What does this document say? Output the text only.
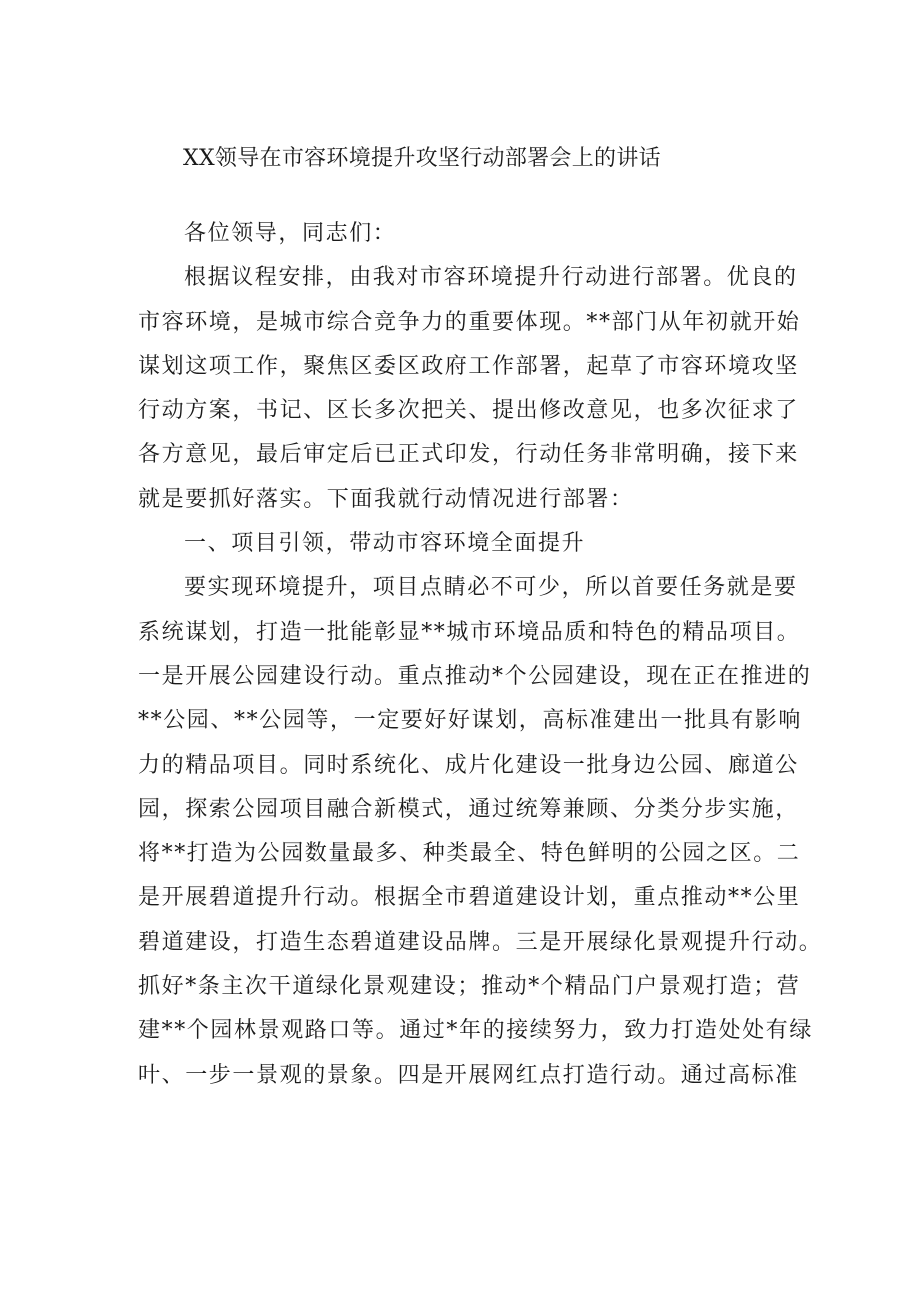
XX领导在市容环境提升攻坚行动部署会上的讲话
各位领导，同志们：
根据议程安排，由我对市容环境提升行动进行部署。优良的
市容环境，是城市综合竞争力的重要体现。**部门从年初就开始
谋划这项工作，聚焦区委区政府工作部署，起草了市容环境攻坚
行动方案，书记、区长多次把关、提出修改意见，也多次征求了
各方意见，最后审定后已正式印发，行动任务非常明确，接下来
就是要抓好落实。下面我就行动情况进行部署：
一、项目引领，带动市容环境全面提升
要实现环境提升，项目点睛必不可少，所以首要任务就是要
系统谋划，打造一批能彰显**城市环境品质和特色的精品项目。
一是开展公园建设行动。重点推动*个公园建设，现在正在推进的
**公园、**公园等，一定要好好谋划，高标准建出一批具有影响
力的精品项目。同时系统化、成片化建设一批身边公园、廊道公
园，探索公园项目融合新模式，通过统筹兼顾、分类分步实施，
将**打造为公园数量最多、种类最全、特色鲜明的公园之区。二
是开展碧道提升行动。根据全市碧道建设计划，重点推动**公里
碧道建设，打造生态碧道建设品牌。三是开展绿化景观提升行动。
抓好*条主次干道绿化景观建设；推动*个精品门户景观打造；营
建**个园林景观路口等。通过*年的接续努力，致力打造处处有绿
叶、一步一景观的景象。四是开展网红点打造行动。通过高标准
